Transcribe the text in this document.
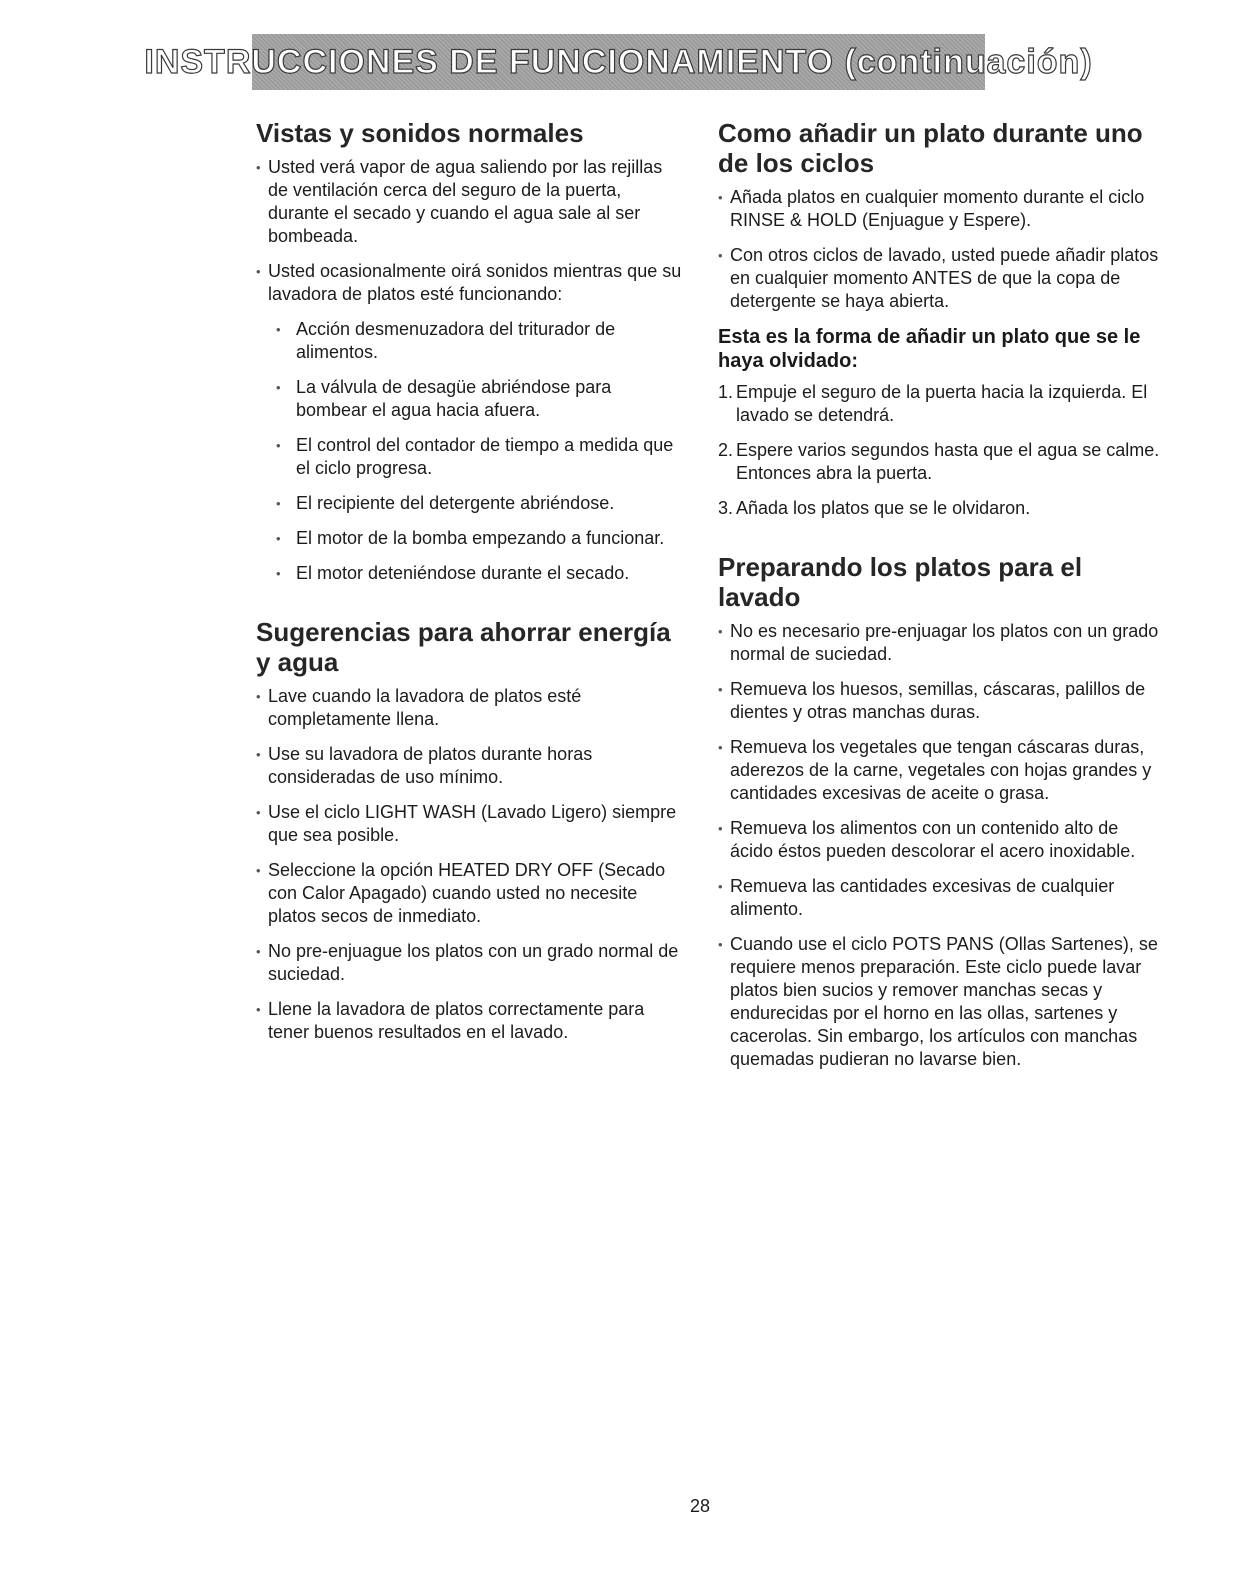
INSTRUCCIONES DE FUNCIONAMIENTO (continuación)
Vistas y sonidos normales
• Usted verá vapor de agua saliendo por las rejillas de ventilación cerca del seguro de la puerta, durante el secado y cuando el agua sale al ser bombeada.
• Usted ocasionalmente oirá sonidos mientras que su lavadora de platos esté funcionando:
• Acción desmenuzadora del triturador de alimentos.
• La válvula de desagüe abriéndose para bombear el agua hacia afuera.
• El control del contador de tiempo a medida que el ciclo progresa.
• El recipiente del detergente abriéndose.
• El motor de la bomba empezando a funcionar.
• El motor deteniéndose durante el secado.
Sugerencias para ahorrar energía y agua
• Lave cuando la lavadora de platos esté completamente llena.
• Use su lavadora de platos durante horas consideradas de uso mínimo.
• Use el ciclo LIGHT WASH (Lavado Ligero) siempre que sea posible.
• Seleccione la opción HEATED DRY OFF (Secado con Calor Apagado) cuando usted no necesite platos secos de inmediato.
• No pre-enjuague los platos con un grado normal de suciedad.
• Llene la lavadora de platos correctamente para tener buenos resultados en el lavado.
Como añadir un plato durante uno de los ciclos
• Añada platos en cualquier momento durante el ciclo RINSE & HOLD (Enjuague y Espere).
• Con otros ciclos de lavado, usted puede añadir platos en cualquier momento ANTES de que la copa de detergente se haya abierta.
Esta es la forma de añadir un plato que se le haya olvidado:
1. Empuje el seguro de la puerta hacia la izquierda. El lavado se detendrá.
2. Espere varios segundos hasta que el agua se calme. Entonces abra la puerta.
3. Añada los platos que se le olvidaron.
Preparando los platos para el lavado
• No es necesario pre-enjuagar los platos con un grado normal de suciedad.
• Remueva los huesos, semillas, cáscaras, palillos de dientes y otras manchas duras.
• Remueva los vegetales que tengan cáscaras duras, aderezos de la carne, vegetales con hojas grandes y cantidades excesivas de aceite o grasa.
• Remueva los alimentos con un contenido alto de ácido éstos pueden descolorar el acero inoxidable.
• Remueva las cantidades excesivas de cualquier alimento.
• Cuando use el ciclo POTS PANS (Ollas Sartenes), se requiere menos preparación. Este ciclo puede lavar platos bien sucios y remover manchas secas y endurecidas por el horno en las ollas, sartenes y cacerolas. Sin embargo, los artículos con manchas quemadas pudieran no lavarse bien.
28
